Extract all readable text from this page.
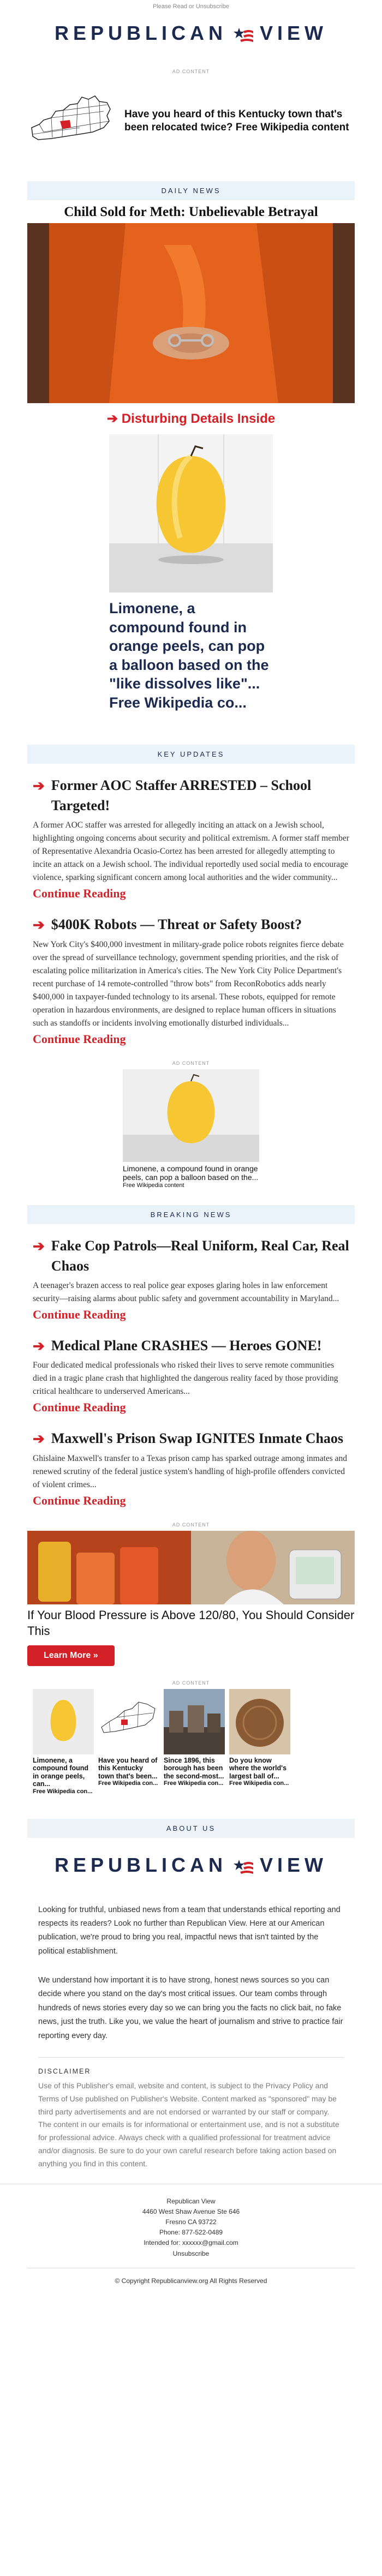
Please Read or Unsubscribe
REPUBLICAN VIEW
AD CONTENT
Have you heard of this Kentucky town that's been relocated twice? Free Wikipedia content
DAILY NEWS
Child Sold for Meth: Unbelievable Betrayal
➔ Disturbing Details Inside
Limonene, a compound found in orange peels, can pop a balloon based on the "like dissolves like"... Free Wikipedia co...
KEY UPDATES
➔ Former AOC Staffer ARRESTED – School Targeted!
A former AOC staffer was arrested for allegedly inciting an attack on a Jewish school, highlighting ongoing concerns about security and political extremism. A former staff member of Representative Alexandria Ocasio-Cortez has been arrested for allegedly attempting to incite an attack on a Jewish school. The individual reportedly used social media to encourage violence, sparking significant concern among local authorities and the wider community...
Continue Reading
➔ $400K Robots — Threat or Safety Boost?
New York City's $400,000 investment in military-grade police robots reignites fierce debate over the spread of surveillance technology, government spending priorities, and the risk of escalating police militarization in America's cities. The New York City Police Department's recent purchase of 14 remote-controlled "throw bots" from ReconRobotics adds nearly $400,000 in taxpayer-funded technology to its arsenal. These robots, equipped for remote operation in hazardous environments, are designed to replace human officers in situations such as standoffs or incidents involving emotionally disturbed individuals...
Continue Reading
AD CONTENT
Limonene, a compound found in orange peels, can pop a balloon based on the...
Free Wikipedia content
BREAKING NEWS
➔ Fake Cop Patrols—Real Uniform, Real Car, Real Chaos
A teenager's brazen access to real police gear exposes glaring holes in law enforcement security—raising alarms about public safety and government accountability in Maryland...
Continue Reading
➔ Medical Plane CRASHES — Heroes GONE!
Four dedicated medical professionals who risked their lives to serve remote communities died in a tragic plane crash that highlighted the dangerous reality faced by those providing critical healthcare to underserved Americans...
Continue Reading
➔ Maxwell's Prison Swap IGNITES Inmate Chaos
Ghislaine Maxwell's transfer to a Texas prison camp has sparked outrage among inmates and renewed scrutiny of the federal justice system's handling of high-profile offenders convicted of violent crimes...
Continue Reading
AD CONTENT
If Your Blood Pressure is Above 120/80, You Should Consider This
Learn More »
AD CONTENT
Limonene, a compound found in orange peels, can...
Free Wikipedia con...
Have you heard of this Kentucky town that's been...
Free Wikipedia con...
Since 1896, this borough has been the second-most...
Free Wikipedia con...
Do you know where the world's largest ball of...
Free Wikipedia con...
ABOUT US
REPUBLICAN VIEW
Looking for truthful, unbiased news from a team that understands ethical reporting and respects its readers? Look no further than Republican View. Here at our American publication, we're proud to bring you real, impactful news that isn't tainted by the political establishment.
We understand how important it is to have strong, honest news sources so you can decide where you stand on the day's most critical issues. Our team combs through hundreds of news stories every day so we can bring you the facts no click bait, no fake news, just the truth. Like you, we value the heart of journalism and strive to practice fair reporting every day.
DISCLAIMER
Use of this Publisher's email, website and content, is subject to the Privacy Policy and Terms of Use published on Publisher's Website. Content marked as "sponsored" may be third party advertisements and are not endorsed or warranted by our staff or company. The content in our emails is for informational or entertainment use, and is not a substitute for professional advice. Always check with a qualified professional for treatment advice and/or diagnosis. Be sure to do your own careful research before taking action based on anything you find in this content.
Republican View
4460 West Shaw Avenue Ste 646
Fresno CA 93722
Phone: 877-522-0489
Intended for: xxxxxx@gmail.com
Unsubscribe
© Copyright Republicanview.org All Rights Reserved
